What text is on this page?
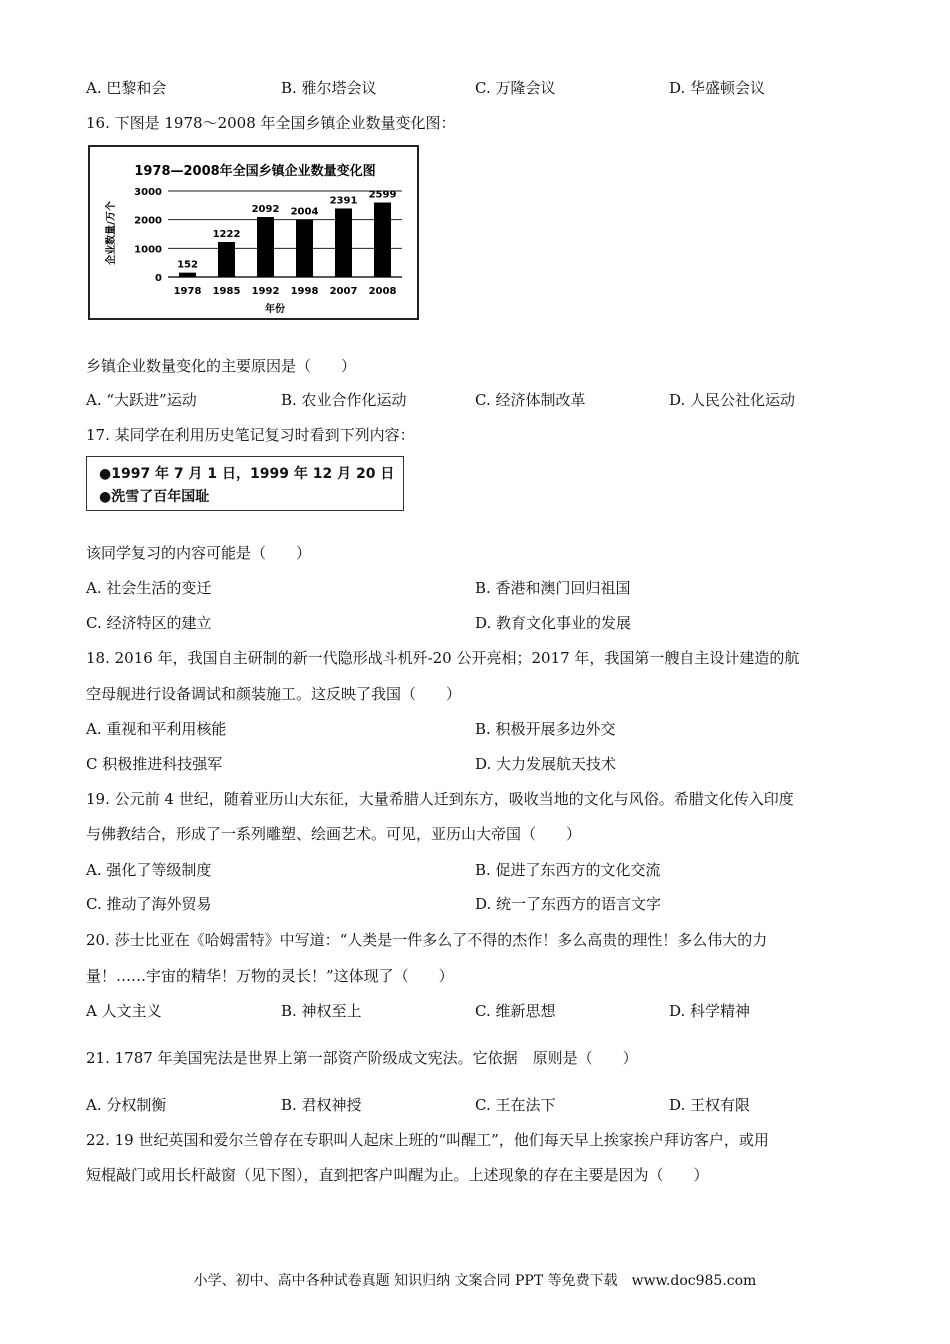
A. 巴黎和会	B. 雅尔塔会议	C. 万隆会议	D. 华盛顿会议
16. 下图是 1978～2008 年全国乡镇企业数量变化图：
1978—2008年全国乡镇企业数量变化图
0
1000
2000
3000
152
1222
2092 2004
2391
2599
1978 1985 1992 1998 2007 2008
年份
企业数量/万个
乡镇企业数量变化的主要原因是（　　）
A. “大跃进”运动	B. 农业合作化运动	C. 经济体制改革	D. 人民公社化运动
17. 某同学在利用历史笔记复习时看到下列内容：
●1997 年 7 月 1 日，1999 年 12 月 20 日
●洗雪了百年国耻
该同学复习的内容可能是（　　）
A. 社会生活的变迁	B. 香港和澳门回归祖国
C. 经济特区的建立	D. 教育文化事业的发展
18. 2016 年，我国自主研制的新一代隐形战斗机歼-20 公开亮相；2017 年，我国第一艘自主设计建造的航
空母舰进行设备调试和颜装施工。这反映了我国（　　）
A. 重视和平利用核能	B. 积极开展多边外交
C 积极推进科技强军	D. 大力发展航天技术
19. 公元前 4 世纪，随着亚历山大东征，大量希腊人迁到东方，吸收当地的文化与风俗。希腊文化传入印度
与佛教结合，形成了一系列雕塑、绘画艺术。可见，亚历山大帝国（　　）
A. 强化了等级制度	B. 促进了东西方的文化交流
C. 推动了海外贸易	D. 统一了东西方的语言文字
20. 莎士比亚在《哈姆雷特》中写道：“人类是一件多么了不得的杰作！多么高贵的理性！多么伟大的力
量！……宇宙的精华！万物的灵长！”这体现了（　　）
A 人文主义	B. 神权至上	C. 维新思想	D. 科学精神
21. 1787 年美国宪法是世界上第一部资产阶级成文宪法。它依据　原则是（　　）
A. 分权制衡	B. 君权神授	C. 王在法下	D. 王权有限
22. 19 世纪英国和爱尔兰曾存在专职叫人起床上班的“叫醒工”，他们每天早上挨家挨户拜访客户，或用
短棍敲门或用长杆敲窗（见下图），直到把客户叫醒为止。上述现象的存在主要是因为（　　）
小学、初中、高中各种试卷真题 知识归纳 文案合同 PPT 等免费下载　www.doc985.com
